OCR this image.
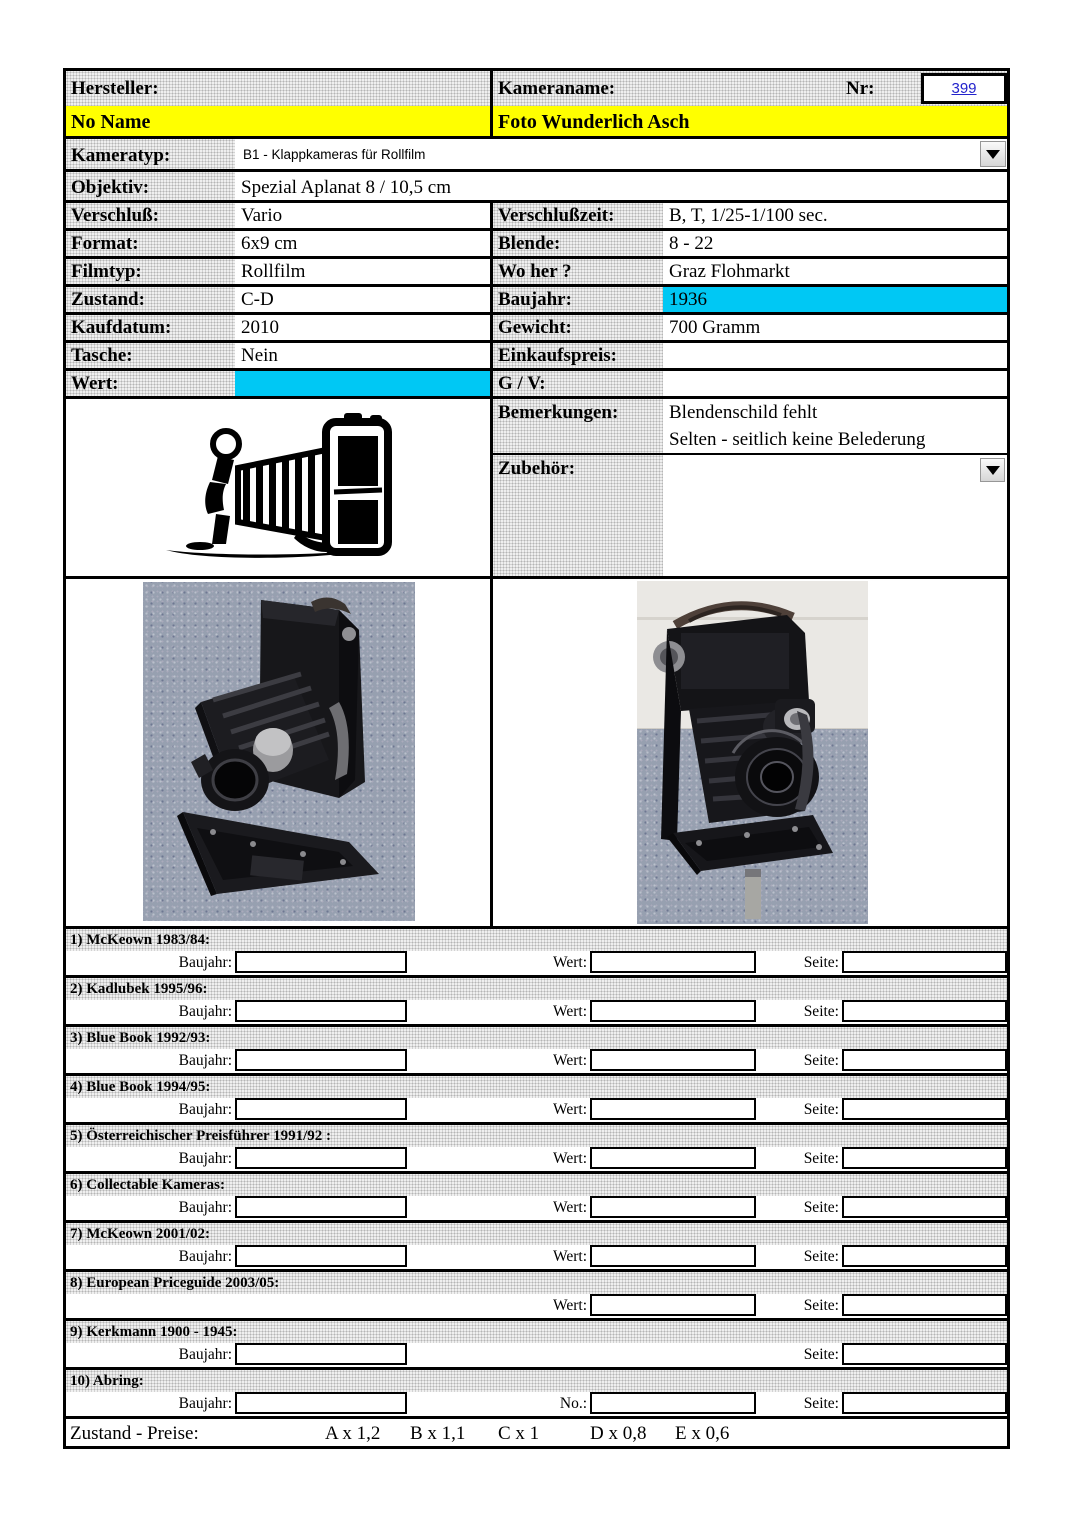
Hersteller:	Kameraname:	Nr:	399
No Name	Foto Wunderlich Asch
Kameratyp:	B1 - Klappkameras für Rollfilm
Objektiv:	Spezial Aplanat 8 / 10,5 cm
Verschluß:	Vario	Verschlußzeit:	B, T, 1/25-1/100 sec.
Format:	6x9 cm	Blende:	8 - 22
Filmtyp:	Rollfilm	Wo her ?	Graz Flohmarkt
Zustand:	C-D	Baujahr:	1936
Kaufdatum:	2010	Gewicht:	700 Gramm
Tasche:	Nein	Einkaufspreis:
Wert:	G / V:
Bemerkungen:	Blendenschild fehlt
Selten - seitlich keine Belederung
Zubehör:
1) McKeown 1983/84:
Baujahr:	Wert:	Seite:
2) Kadlubek 1995/96:
Baujahr:	Wert:	Seite:
3) Blue Book 1992/93:
Baujahr:	Wert:	Seite:
4) Blue Book 1994/95:
Baujahr:	Wert:	Seite:
5) Österreichischer Preisführer 1991/92 :
Baujahr:	Wert:	Seite:
6) Collectable Kameras:
Baujahr:	Wert:	Seite:
7) McKeown 2001/02:
Baujahr:	Wert:	Seite:
8) European Priceguide 2003/05:
Wert:	Seite:
9) Kerkmann 1900 - 1945:
Baujahr:	Seite:
10) Abring:
Baujahr:	No.:	Seite:
Zustand - Preise:	A x 1,2 B x 1,1 C x 1	D x 0,8 E x 0,6
